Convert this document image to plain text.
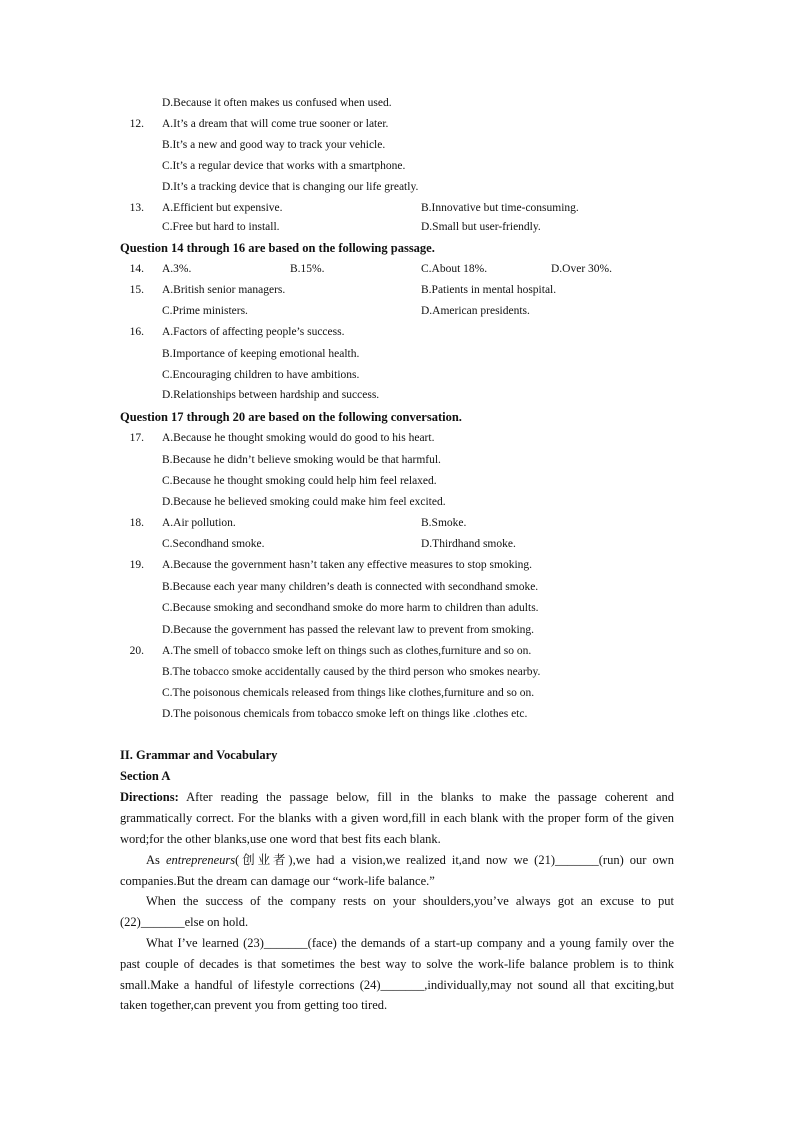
D.Because it often makes us confused when used.
12. A.It’s a dream that will come true sooner or later.
B.It’s a new and good way to track your vehicle.
C.It’s a regular device that works with a smartphone.
D.It’s a tracking device that is changing our life greatly.
13. A.Efficient but expensive.	B.Innovative but time-consuming.
C.Free but hard to install.	D.Small but user-friendly.
Question 14 through 16 are based on the following passage.
14. A.3%.	B.15%.	C.About 18%.	D.Over 30%.
15. A.British senior managers.	B.Patients in mental hospital.
C.Prime ministers.	D.American presidents.
16. A.Factors of affecting people’s success.
B.Importance of keeping emotional health.
C.Encouraging children to have ambitions.
D.Relationships between hardship and success.
Question 17 through 20 are based on the following conversation.
17. A.Because he thought smoking would do good to his heart.
B.Because he didn’t believe smoking would be that harmful.
C.Because he thought smoking could help him feel relaxed.
D.Because he believed smoking could make him feel excited.
18. A.Air pollution.	B.Smoke.
C.Secondhand smoke.	D.Thirdhand smoke.
19. A.Because the government hasn’t taken any effective measures to stop smoking.
B.Because each year many children’s death is connected with secondhand smoke.
C.Because smoking and secondhand smoke do more harm to children than adults.
D.Because the government has passed the relevant law to prevent from smoking.
20. A.The smell of tobacco smoke left on things such as clothes,furniture and so on.
B.The tobacco smoke accidentally caused by the third person who smokes nearby.
C.The poisonous chemicals released from things like clothes,furniture and so on.
D.The poisonous chemicals from tobacco smoke left on things like .clothes etc.
II. Grammar and Vocabulary
Section A
Directions: After reading the passage below, fill in the blanks to make the passage coherent and grammatically correct. For the blanks with a given word,fill in each blank with the proper form of the given word;for the other blanks,use one word that best fits each blank.
As entrepreneurs(创业者),we had a vision,we realized it,and now we (21)_______(run) our own companies.But the dream can damage our “work-life balance.”
When the success of the company rests on your shoulders,you’ve always got an excuse to put (22)_______else on hold.
What I’ve learned (23)_______(face) the demands of a start-up company and a young family over the past couple of decades is that sometimes the best way to solve the work-life balance problem is to think small.Make a handful of lifestyle corrections (24)_______,individually,may not sound all that exciting,but taken together,can prevent you from getting too tired.
